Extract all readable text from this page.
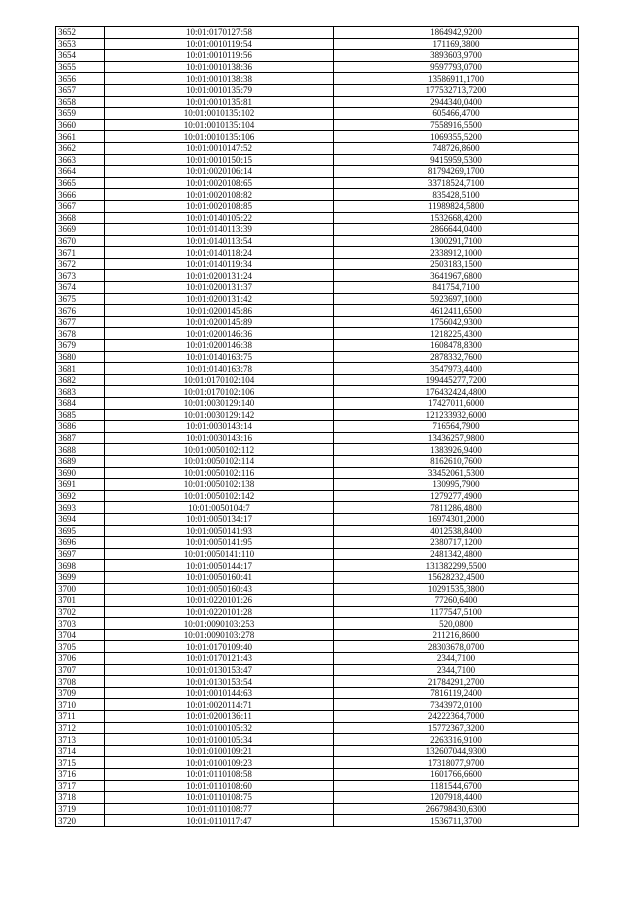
3652	10:01:0170127:58	1864942,9200
3653	10:01:0010119:54	171169,3800
3654	10:01:0010119:56	3893603,9700
3655	10:01:0010138:36	9597793,0700
3656	10:01:0010138:38	13586911,1700
3657	10:01:0010135:79	177532713,7200
3658	10:01:0010135:81	2944340,0400
3659	10:01:0010135:102	605466,4700
3660	10:01:0010135:104	7558916,5500
3661	10:01:0010135:106	1069355,5200
3662	10:01:0010147:52	748726,8600
3663	10:01:0010150:15	9415959,5300
3664	10:01:0020106:14	81794269,1700
3665	10:01:0020108:65	33718524,7100
3666	10:01:0020108:82	835428,5100
3667	10:01:0020108:85	11989824,5800
3668	10:01:0140105:22	1532668,4200
3669	10:01:0140113:39	2866644,0400
3670	10:01:0140113:54	1300291,7100
3671	10:01:0140118:24	2338912,1000
3672	10:01:0140119:34	2503183,1500
3673	10:01:0200131:24	3641967,6800
3674	10:01:0200131:37	841754,7100
3675	10:01:0200131:42	5923697,1000
3676	10:01:0200145:86	4612411,6500
3677	10:01:0200145:89	1756042,9300
3678	10:01:0200146:36	1218225,4300
3679	10:01:0200146:38	1608478,8300
3680	10:01:0140163:75	2878332,7600
3681	10:01:0140163:78	3547973,4400
3682	10:01:0170102:104	199445277,7200
3683	10:01:0170102:106	176432424,4800
3684	10:01:0030129:140	17427011,6000
3685	10:01:0030129:142	121233932,6000
3686	10:01:0030143:14	716564,7900
3687	10:01:0030143:16	13436257,9800
3688	10:01:0050102:112	1383926,9400
3689	10:01:0050102:114	8162610,7600
3690	10:01:0050102:116	33452061,5300
3691	10:01:0050102:138	130995,7900
3692	10:01:0050102:142	1279277,4900
3693	10:01:0050104:7	7811286,4800
3694	10:01:0050134:17	16974301,2000
3695	10:01:0050141:93	4012538,8400
3696	10:01:0050141:95	2380717,1200
3697	10:01:0050141:110	2481342,4800
3698	10:01:0050144:17	131382299,5500
3699	10:01:0050160:41	15628232,4500
3700	10:01:0050160:43	10291535,3800
3701	10:01:0220101:26	77260,6400
3702	10:01:0220101:28	1177547,5100
3703	10:01:0090103:253	520,0800
3704	10:01:0090103:278	211216,8600
3705	10:01:0170109:40	28303678,0700
3706	10:01:0170121:43	2344,7100
3707	10:01:0130153:47	2344,7100
3708	10:01:0130153:54	21784291,2700
3709	10:01:0010144:63	7816119,2400
3710	10:01:0020114:71	7343972,0100
3711	10:01:0200136:11	24222364,7000
3712	10:01:0100105:32	15772367,3200
3713	10:01:0100105:34	2263316,9100
3714	10:01:0100109:21	132607044,9300
3715	10:01:0100109:23	17318077,9700
3716	10:01:0110108:58	1601766,6600
3717	10:01:0110108:60	1181544,6700
3718	10:01:0110108:75	1207918,4400
3719	10:01:0110108:77	266798430,6300
3720	10:01:0110117:47	1536711,3700
